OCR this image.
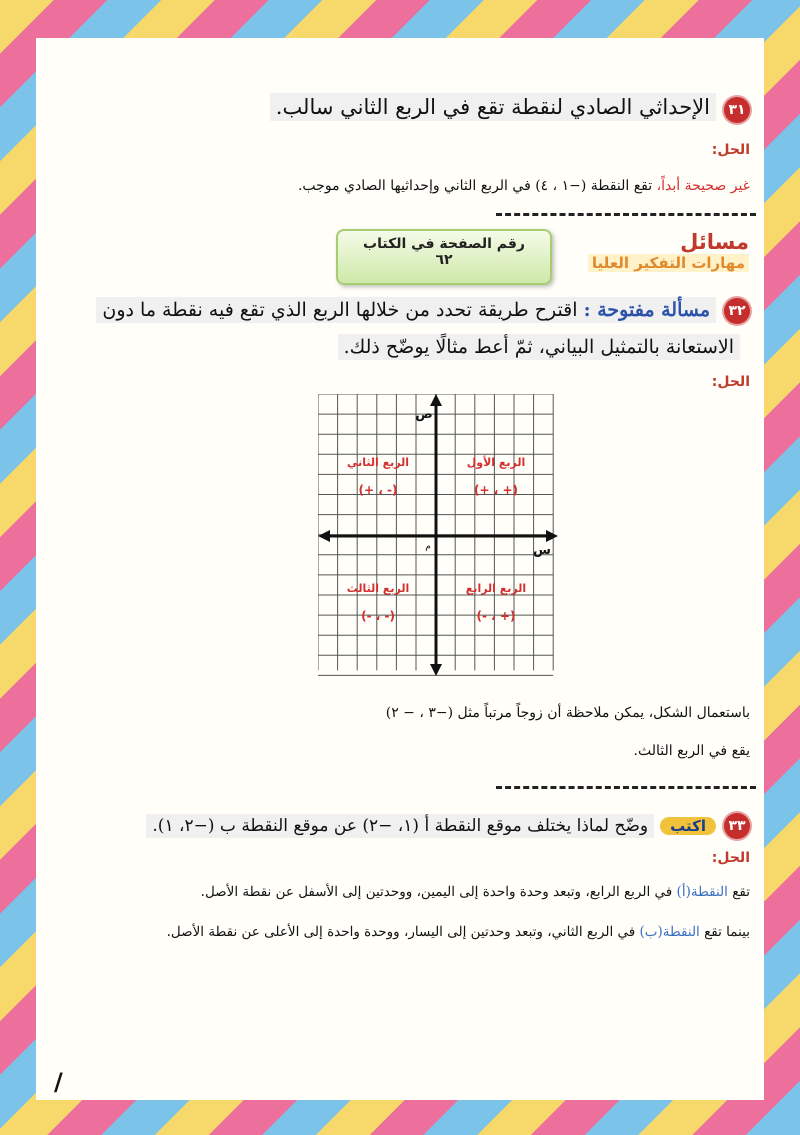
٣١الإحداثي الصادي لنقطة تقع في الربع الثاني سالب.
الحل:
غير صحيحة أبداً، تقع النقطة (−١ ، ٤) في الربع الثاني وإحداثيها الصادي موجب.
رقم الصفحة في الكتاب
٦٢
مسائل
مهارات التفكير العليا
٣٢مسألة مفتوحة : اقترح طريقة تحدد من خلالها الربع الذي تقع فيه نقطة ما دون
الاستعانة بالتمثيل البياني، ثمّ أعط مثالًا يوضّح ذلك.
الحل:
ص
س
م
الربع الأول
(+ ، +)
الربع الثاني
(- ، +)
الربع الثالث
(- ، -)
الربع الرابع
(+ ، -)
باستعمال الشكل، يمكن ملاحظة أن زوجاً مرتباً مثل (−٣ ، − ٢)
يقع في الربع الثالث.
٣٣اكتبوضّح لماذا يختلف موقع النقطة أ (١، −٢) عن موقع النقطة ب (−٢، ١).
الحل:
تقع النقطة(أ) في الربع الرابع، وتبعد وحدة واحدة إلى اليمين، ووحدتين إلى الأسفل عن نقطة الأصل.
بينما تقع النقطة(ب) في الربع الثاني، وتبعد وحدتين إلى اليسار، ووحدة واحدة إلى الأعلى عن نقطة الأصل.
/
